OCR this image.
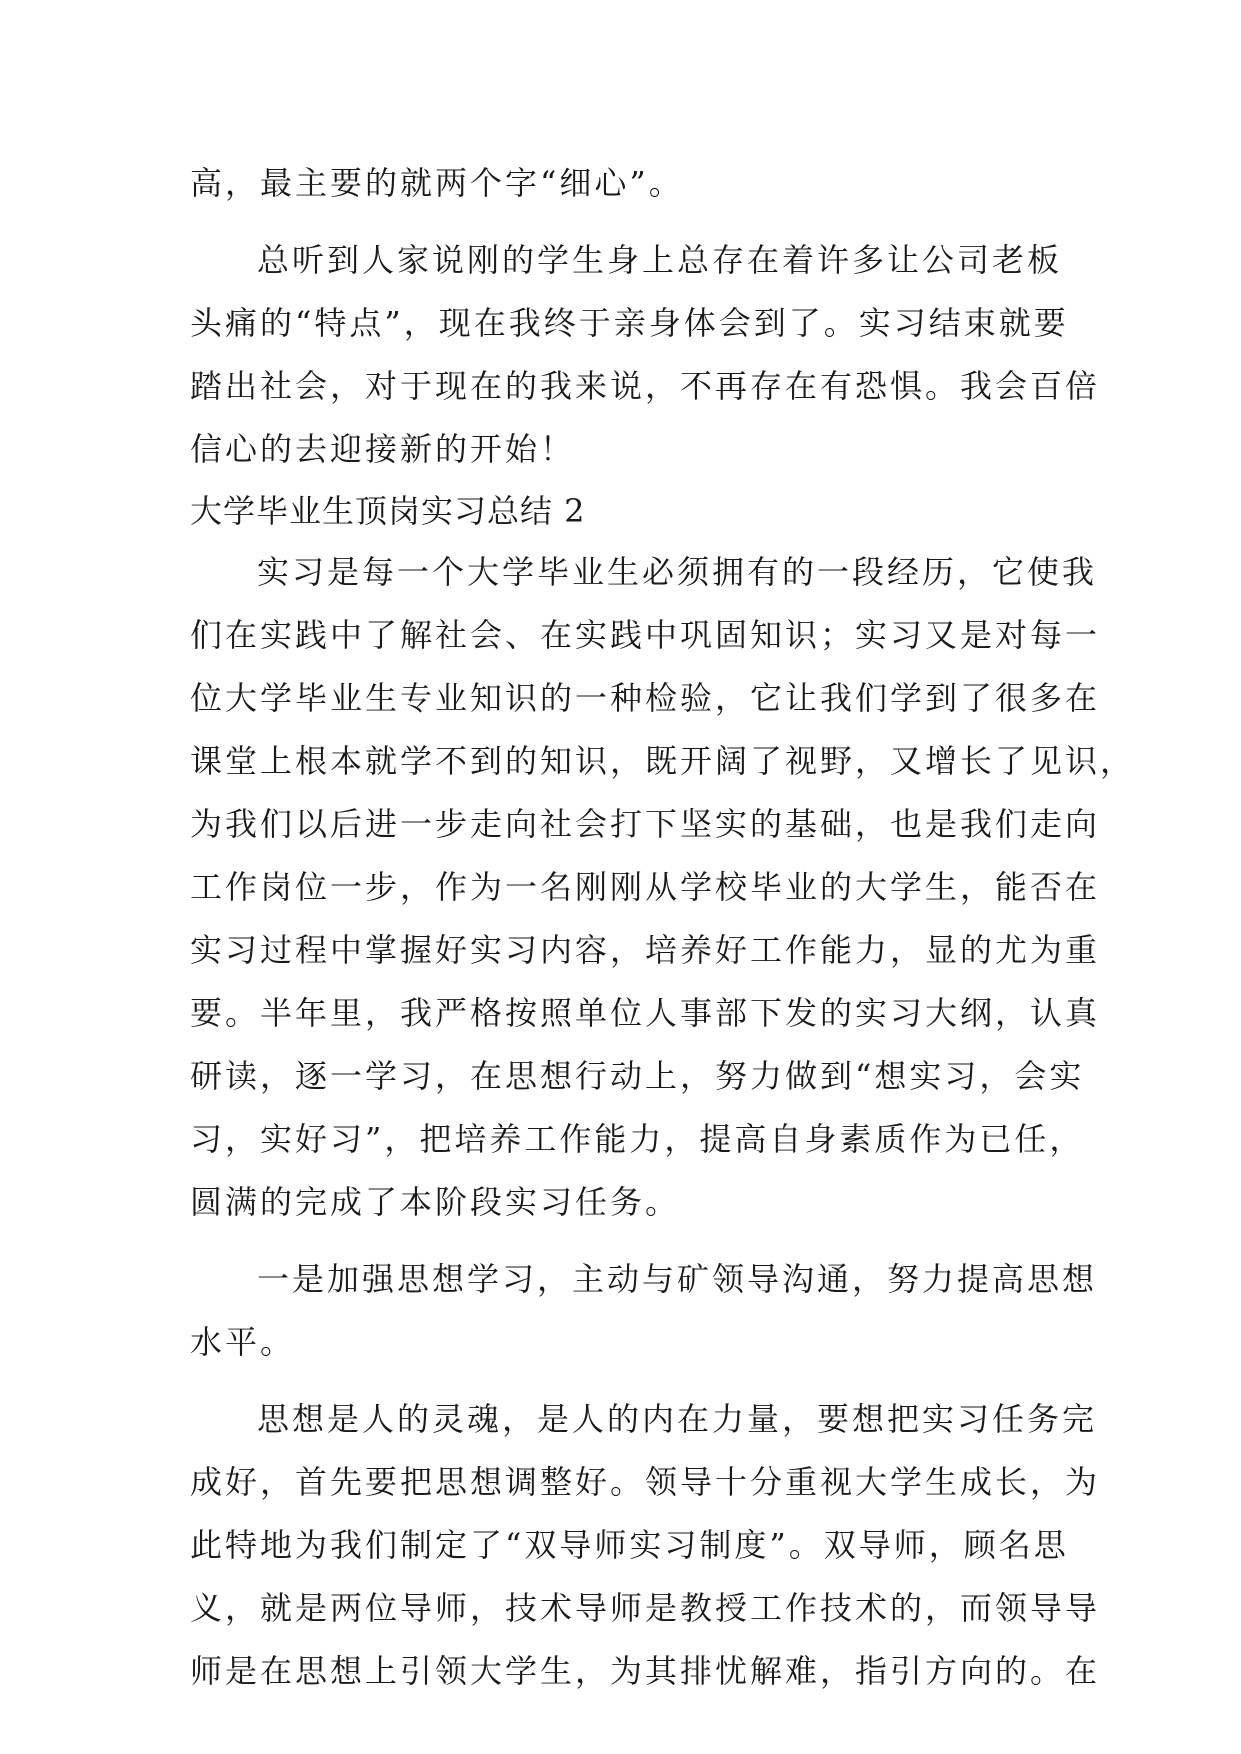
高，最主要的就两个字“细心”。
总听到人家说刚的学生身上总存在着许多让公司老板
头痛的“特点”，现在我终于亲身体会到了。实习结束就要
踏出社会，对于现在的我来说，不再存在有恐惧。我会百倍
信心的去迎接新的开始！
大学毕业生顶岗实习总结 2
实习是每一个大学毕业生必须拥有的一段经历，它使我
们在实践中了解社会、在实践中巩固知识；实习又是对每一
位大学毕业生专业知识的一种检验，它让我们学到了很多在
课堂上根本就学不到的知识，既开阔了视野，又增长了见识，
为我们以后进一步走向社会打下坚实的基础，也是我们走向
工作岗位一步，作为一名刚刚从学校毕业的大学生，能否在
实习过程中掌握好实习内容，培养好工作能力，显的尤为重
要。半年里，我严格按照单位人事部下发的实习大纲，认真
研读，逐一学习，在思想行动上，努力做到“想实习，会实
习，实好习”，把培养工作能力，提高自身素质作为已任，
圆满的完成了本阶段实习任务。
一是加强思想学习，主动与矿领导沟通，努力提高思想
水平。
思想是人的灵魂，是人的内在力量，要想把实习任务完
成好，首先要把思想调整好。领导十分重视大学生成长，为
此特地为我们制定了“双导师实习制度”。双导师，顾名思
义，就是两位导师，技术导师是教授工作技术的，而领导导
师是在思想上引领大学生，为其排忧解难，指引方向的。在
